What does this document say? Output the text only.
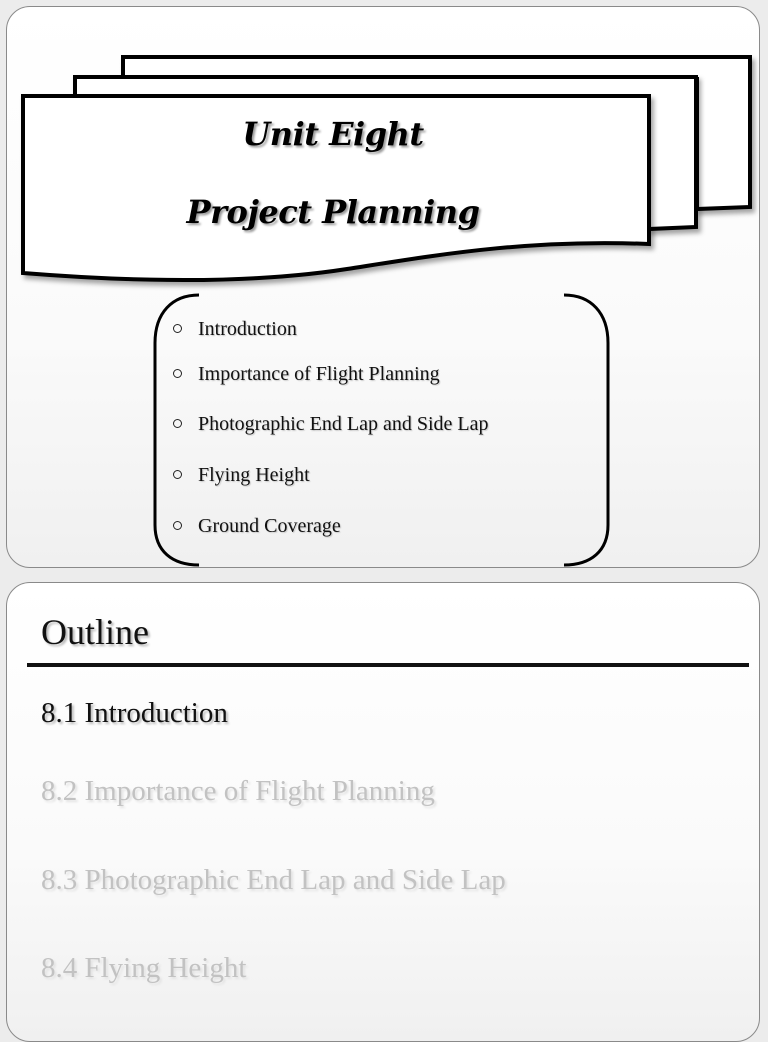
Unit Eight
Project Planning
Introduction
Importance of Flight Planning
Photographic End Lap and Side Lap
Flying Height
Ground Coverage
Outline
8.1 Introduction
8.2 Importance of Flight Planning
8.3 Photographic End Lap and Side Lap
8.4 Flying Height
